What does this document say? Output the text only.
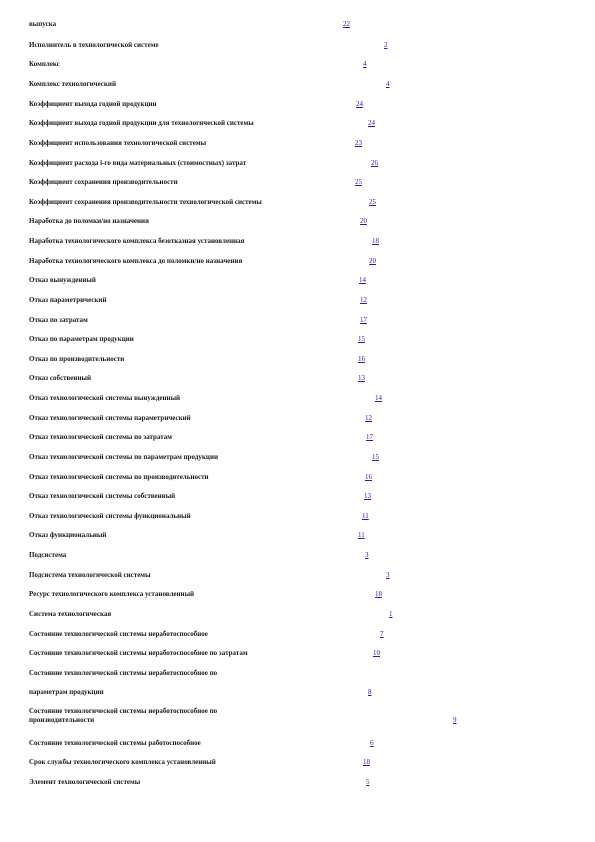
выпуска	22
Исполнитель в технологической системе	2
Комплекс	4
Комплекс технологический	4
Коэффициент выхода годной продукции	24
Коэффициент выхода годной продукции для технологической системы	24
Коэффициент использования технологической системы	23
Коэффициент расхода i-го вида материальных (стоимостных) затрат	26
Коэффициент сохранения производительности	25
Коэффициент сохранения производительности технологической системы	25
Наработка до поломки/но назначения	20
Наработка технологического комплекса безотказная установленная	18
Наработка технологического комплекса до поломки/но назначения	20
Отказ вынужденный	14
Отказ параметрический	12
Отказ по затратам	17
Отказ по параметрам продукции	15
Отказ по производительности	16
Отказ собственный	13
Отказ технологической системы вынужденный	14
Отказ технологической системы параметрический	12
Отказ технологической системы по затратам	17
Отказ технологической системы по параметрам продукции	15
Отказ технологической системы по производительности	16
Отказ технологической системы собственный	13
Отказ технологической системы функциональный	11
Отказ функциональный	11
Подсистема	3
Подсистема технологической системы	3
Ресурс технологического комплекса установленный	18
Система технологическая	1
Состояние технологической системы неработоспособное	7
Состояние технологической системы неработоспособное по затратам	10
Состояние технологической системы неработоспособное по
параметрам продукции	8
Состояние технологической системы неработоспособное по
производительности	9
Состояние технологической системы работоспособное	6
Срок службы технологического комплекса установленный	18
Элемент технологической системы	5
